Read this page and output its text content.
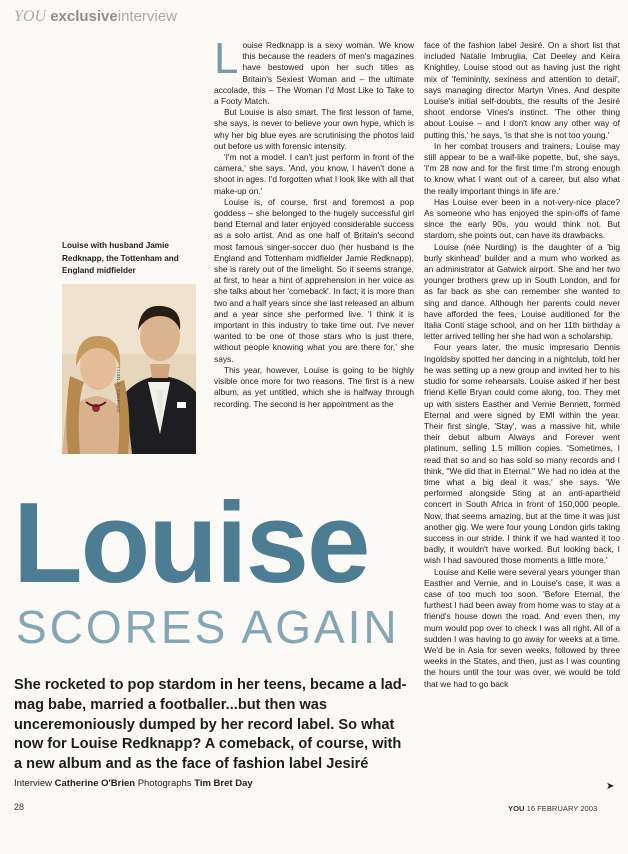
YOU exclusiveinterview
L ouise Redknapp is a sexy woman. We know this because the readers of men's magazines have bestowed upon her such titles as Britain's Sexiest Woman and – the ultimate accolade, this – The Woman I'd Most Like to Take to a Footy Match.

But Louise is also smart. The first lesson of fame, she says, is never to believe your own hype, which is why her big blue eyes are scrutinising the photos laid out before us with forensic intensity.

'I'm not a model. I can't just perform in front of the camera,' she says. 'And, you know, I haven't done a shoot in ages. I'd forgotten what I look like with all that make-up on.'

Louise is, of course, first and foremost a pop goddess – she belonged to the hugely successful girl band Eternal and later enjoyed considerable success as a solo artist. And as one half of Britain's second most famous singer-soccer duo (her husband is the England and Tottenham midfielder Jamie Redknapp), she is rarely out of the limelight. So it seems strange, at first, to hear a hint of apprehension in her voice as she talks about her 'comeback'. In fact, it is more than two and a half years since she last released an album and a year since she performed live. 'I think it is important in this industry to take time out. I've never wanted to be one of those stars who is just there, without people knowing what you are there for,' she says.

This year, however, Louise is going to be highly visible once more for two reasons. The first is a new album, as yet untitled, which she is halfway through recording. The second is her appointment as the

face of the fashion label Jesiré. On a short list that included Natalie Imbruglia, Cat Deeley and Keira Knightley, Louise stood out as having just the right mix of 'femininity, sexiness and attention to detail', says managing director Martyn Vines. And despite Louise's initial self-doubts, the results of the Jesiré shoot endorse Vines's instinct. 'The other thing about Louise – and I don't know any other way of putting this,' he says, 'is that she is not too young.'

In her combat trousers and trainers, Louise may still appear to be a waif-like popette, but, she says, 'I'm 28 now and for the first time I'm strong enough to know what I want out of a career, but also what the really important things in life are.'

Has Louise ever been in a not-very-nice place? As someone who has enjoyed the spin-offs of fame since the early 90s, you would think not. But stardom, she points out, can have its drawbacks.

Louise (née Nurding) is the daughter of a 'big burly skinhead' builder and a mum who worked as an administrator at Gatwick airport. She and her two younger brothers grew up in South London, and for as far back as she can remember she wanted to sing and dance. Although her parents could never have afforded the fees, Louise auditioned for the Italia Conti stage school, and on her 11th birthday a letter arrived telling her she had won a scholarship.

Four years later, the music impresario Dennis Ingoldsby spotted her dancing in a nightclub, told her he was setting up a new group and invited her to his studio for some rehearsals. Louise asked if her best friend Kelle Bryan could come along, too. They met up with sisters Easther and Vernie Bennett, formed Eternal and were signed by EMI within the year. Their first single, 'Stay', was a massive hit, while their debut album Always and Forever went platinum, selling 1.5 million copies. 'Sometimes, I read that so and so has sold so many records and I think, "We did that in Eternal." We had no idea at the time what a big deal it was,' she says. 'We performed alongside Sting at an anti-apartheid concert in South Africa in front of 150,000 people. Now, that seems amazing, but at the time it was just another gig. We were four young London girls taking success in our stride. I think if we had wanted it too badly, it wouldn't have worked. But looking back, I wish I had savoured those moments a little more.'

Louise and Kelle were several years younger than Easther and Vernie, and in Louise's case, it was a case of too much too soon. 'Before Eternal, the furthest I had been away from home was to stay at a friend's house down the road. And even then, my mum would pop over to check I was all right. All of a sudden I was having to go away for weeks at a time. We'd be in Asia for seven weeks, followed by three weeks in the States, and then, just as I was counting the hours until the tour was over, we would be told that we had to go back

Louise with husband Jamie Redknapp, the Tottenham and England midfielder
DOMINIC O'NEILL
Louise
SCORES AGAIN
She rocketed to pop stardom in her teens, became a lad-mag babe, married a footballer...but then was unceremoniously dumped by her record label. So what now for Louise Redknapp? A comeback, of course, with a new album and as the face of fashion label Jesiré
Interview Catherine O'Brien Photographs Tim Bret Day
28	YOU 16 FEBRUARY 2003
➤
